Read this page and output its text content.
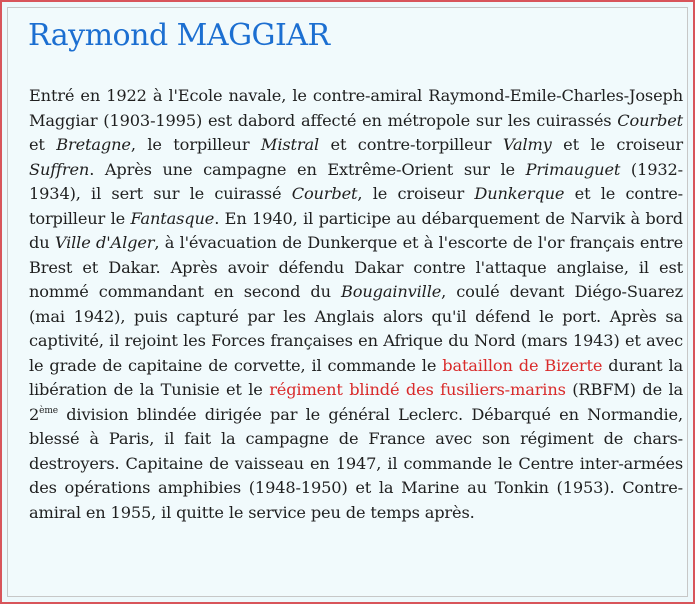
Raymond MAGGIAR

Entré en 1922 à l'Ecole navale, le contre-amiral Raymond-Emile-Charles-Joseph Maggiar (1903-1995) est dabord affecté en métropole sur les cuirassés Courbet et Bretagne, le torpilleur Mistral et contre-torpilleur Valmy et le croiseur Suffren. Après une campagne en Extrême-Orient sur le Primauguet (1932- 1934), il sert sur le cuirassé Courbet, le croiseur Dunkerque et le contre-torpilleur le Fantasque. En 1940, il participe au débarquement de Narvik à bord du Ville d'Alger, à l'évacuation de Dunkerque et à l'escorte de l'or français entre Brest et Dakar. Après avoir défendu Dakar contre l'attaque anglaise, il est nommé commandant en second du Bougainville, coulé devant Diégo-Suarez (mai 1942), puis capturé par les Anglais alors qu'il défend le port. Après sa captivité, il rejoint les Forces françaises en Afrique du Nord (mars 1943) et avec le grade de capitaine de corvette, il commande le bataillon de Bizerte durant la libération de la Tunisie et le régiment blindé des fusiliers-marins (RBFM) de la 2ème division blindée dirigée par le général Leclerc. Débarqué en Normandie, blessé à Paris, il fait la campagne de France avec son régiment de chars-destroyers. Capitaine de vaisseau en 1947, il commande le Centre inter-armées des opérations amphibies (1948-1950) et la Marine au Tonkin (1953). Contre-amiral en 1955, il quitte le service peu de temps après.
